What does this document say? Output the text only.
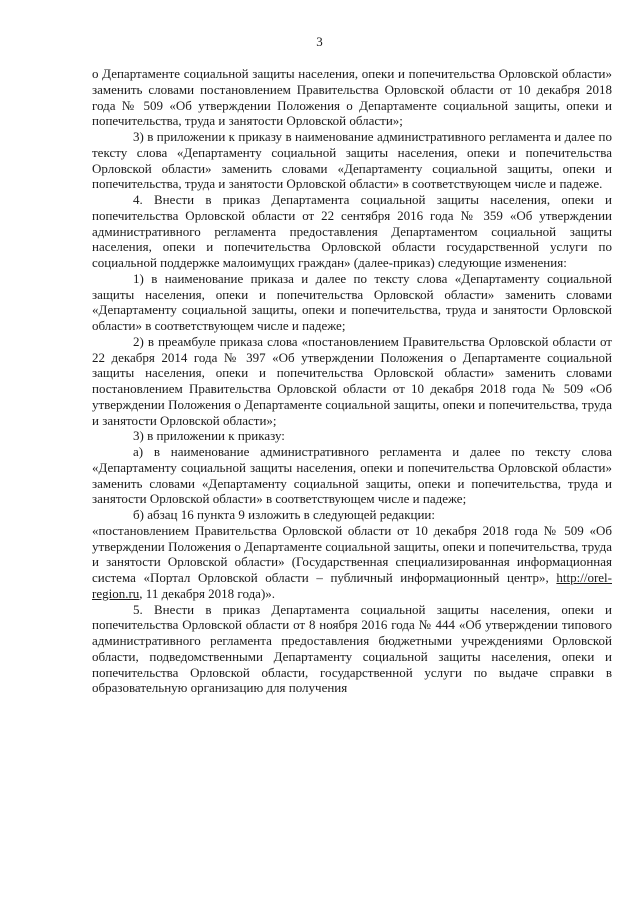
3

о Департаменте социальной защиты населения, опеки и попечительства Орловской области» заменить словами постановлением Правительства Орловской области от 10 декабря 2018 года № 509 «Об утверждении Положения о Департаменте социальной защиты, опеки и попечительства, труда и занятости Орловской области»;

3) в приложении к приказу в наименование административного регламента и далее по тексту слова «Департаменту социальной защиты населения, опеки и попечительства Орловской области» заменить словами «Департаменту социальной защиты, опеки и попечительства, труда и занятости Орловской области» в соответствующем числе и падеже.

4. Внести в приказ Департамента социальной защиты населения, опеки и попечительства Орловской области от 22 сентября 2016 года № 359 «Об утверждении административного регламента предоставления Департаментом социальной защиты населения, опеки и попечительства Орловской области государственной услуги по социальной поддержке малоимущих граждан» (далее-приказ) следующие изменения:

1) в наименование приказа и далее по тексту слова «Департаменту социальной защиты населения, опеки и попечительства Орловской области» заменить словами «Департаменту социальной защиты, опеки и попечительства, труда и занятости Орловской области» в соответствующем числе и падеже;

2) в преамбуле приказа слова «постановлением Правительства Орловской области от 22 декабря 2014 года № 397 «Об утверждении Положения о Департаменте социальной защиты населения, опеки и попечительства Орловской области» заменить словами постановлением Правительства Орловской области от 10 декабря 2018 года № 509 «Об утверждении Положения о Департаменте социальной защиты, опеки и попечительства, труда и занятости Орловской области»;

3) в приложении к приказу:

а) в наименование административного регламента и далее по тексту слова «Департаменту социальной защиты населения, опеки и попечительства Орловской области» заменить словами «Департаменту социальной защиты, опеки и попечительства, труда и занятости Орловской области» в соответствующем числе и падеже;

б) абзац 16 пункта 9 изложить в следующей редакции:

«постановлением Правительства Орловской области от 10 декабря 2018 года № 509 «Об утверждении Положения о Департаменте социальной защиты, опеки и попечительства, труда и занятости Орловской области» (Государственная специализированная информационная система «Портал Орловской области – публичный информационный центр», http://orel-region.ru, 11 декабря 2018 года)».

5. Внести в приказ Департамента социальной защиты населения, опеки и попечительства Орловской области от 8 ноября 2016 года № 444 «Об утверждении типового административного регламента предоставления бюджетными учреждениями Орловской области, подведомственными Департаменту социальной защиты населения, опеки и попечительства Орловской области, государственной услуги по выдаче справки в образовательную организацию для получения
